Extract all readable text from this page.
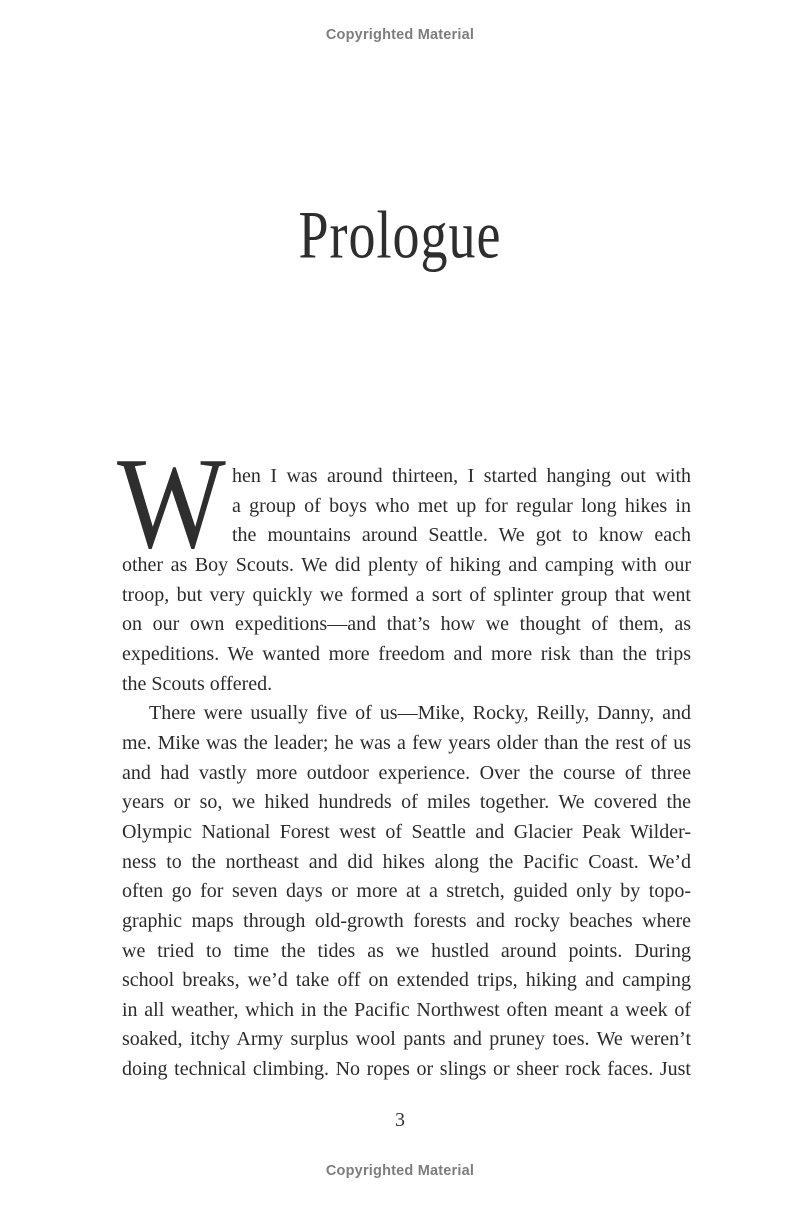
Copyrighted Material
Prologue
W hen I was around thirteen, I started hanging out with
a group of boys who met up for regular long hikes in
the mountains around Seattle. We got to know each
other as Boy Scouts. We did plenty of hiking and camping with our
troop, but very quickly we formed a sort of splinter group that went
on our own expeditions—and that’s how we thought of them, as
expeditions. We wanted more freedom and more risk than the trips
the Scouts offered.
There were usually five of us—Mike, Rocky, Reilly, Danny, and
me. Mike was the leader; he was a few years older than the rest of us
and had vastly more outdoor experience. Over the course of three
years or so, we hiked hundreds of miles together. We covered the
Olympic National Forest west of Seattle and Glacier Peak Wilder-
ness to the northeast and did hikes along the Pacific Coast. We’d
often go for seven days or more at a stretch, guided only by topo-
graphic maps through old-growth forests and rocky beaches where
we tried to time the tides as we hustled around points. During
school breaks, we’d take off on extended trips, hiking and camping
in all weather, which in the Pacific Northwest often meant a week of
soaked, itchy Army surplus wool pants and pruney toes. We weren’t
doing technical climbing. No ropes or slings or sheer rock faces. Just
3
Copyrighted Material
